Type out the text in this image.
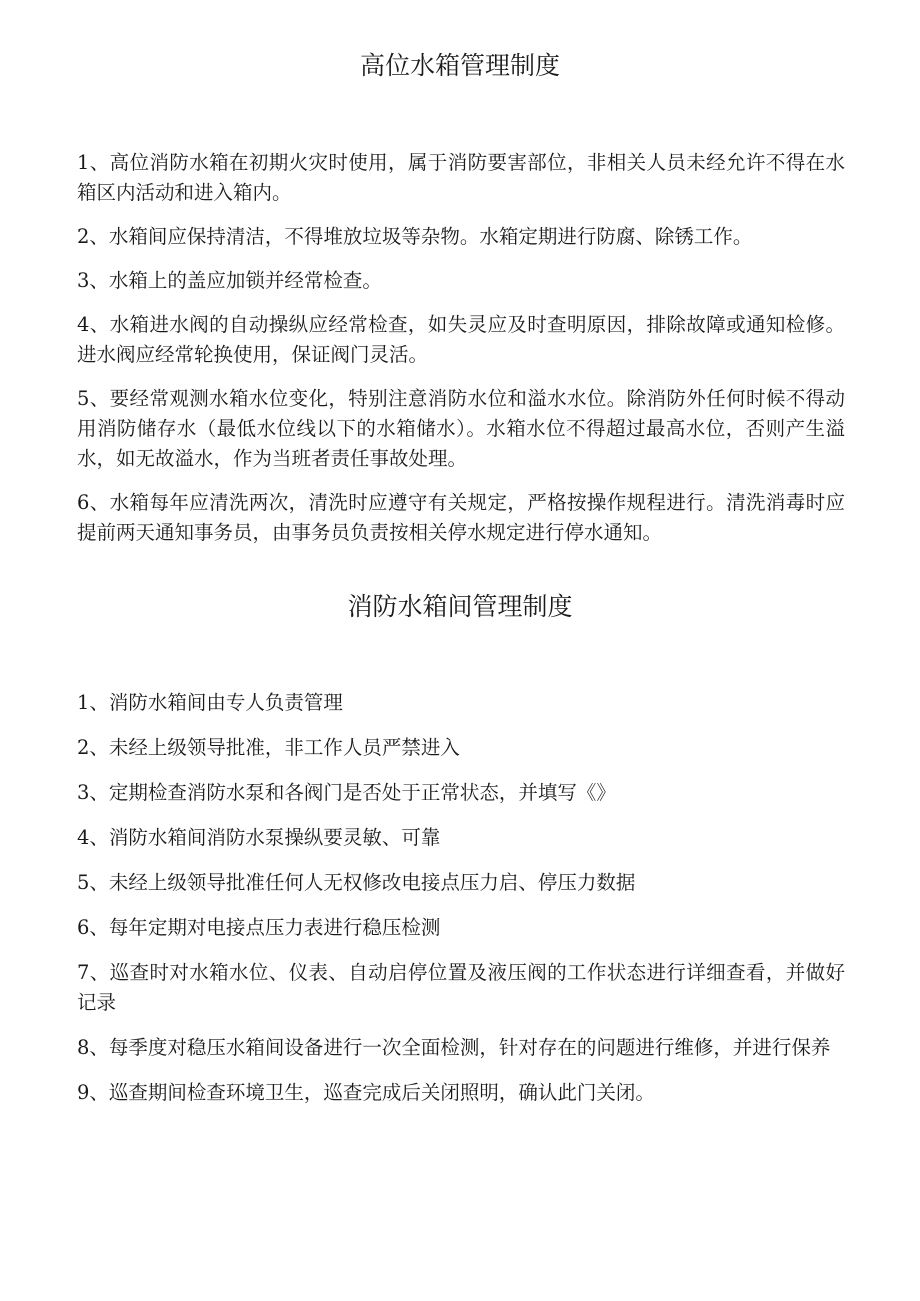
高位水箱管理制度
1、高位消防水箱在初期火灾时使用，属于消防要害部位，非相关人员未经允许不得在水箱区内活动和进入箱内。
2、水箱间应保持清洁，不得堆放垃圾等杂物。水箱定期进行防腐、除锈工作。
3、水箱上的盖应加锁并经常检查。
4、水箱进水阀的自动操纵应经常检查，如失灵应及时查明原因，排除故障或通知检修。进水阀应经常轮换使用，保证阀门灵活。
5、要经常观测水箱水位变化，特别注意消防水位和溢水水位。除消防外任何时候不得动用消防储存水（最低水位线以下的水箱储水）。水箱水位不得超过最高水位，否则产生溢水，如无故溢水，作为当班者责任事故处理。
6、水箱每年应清洗两次，清洗时应遵守有关规定，严格按操作规程进行。清洗消毒时应提前两天通知事务员，由事务员负责按相关停水规定进行停水通知。
消防水箱间管理制度
1、消防水箱间由专人负责管理
2、未经上级领导批准，非工作人员严禁进入
3、定期检查消防水泵和各阀门是否处于正常状态，并填写《》
4、消防水箱间消防水泵操纵要灵敏、可靠
5、未经上级领导批准任何人无权修改电接点压力启、停压力数据
6、每年定期对电接点压力表进行稳压检测
7、巡查时对水箱水位、仪表、自动启停位置及液压阀的工作状态进行详细查看，并做好记录
8、每季度对稳压水箱间设备进行一次全面检测，针对存在的问题进行维修，并进行保养
9、巡查期间检查环境卫生，巡查完成后关闭照明，确认此门关闭。
